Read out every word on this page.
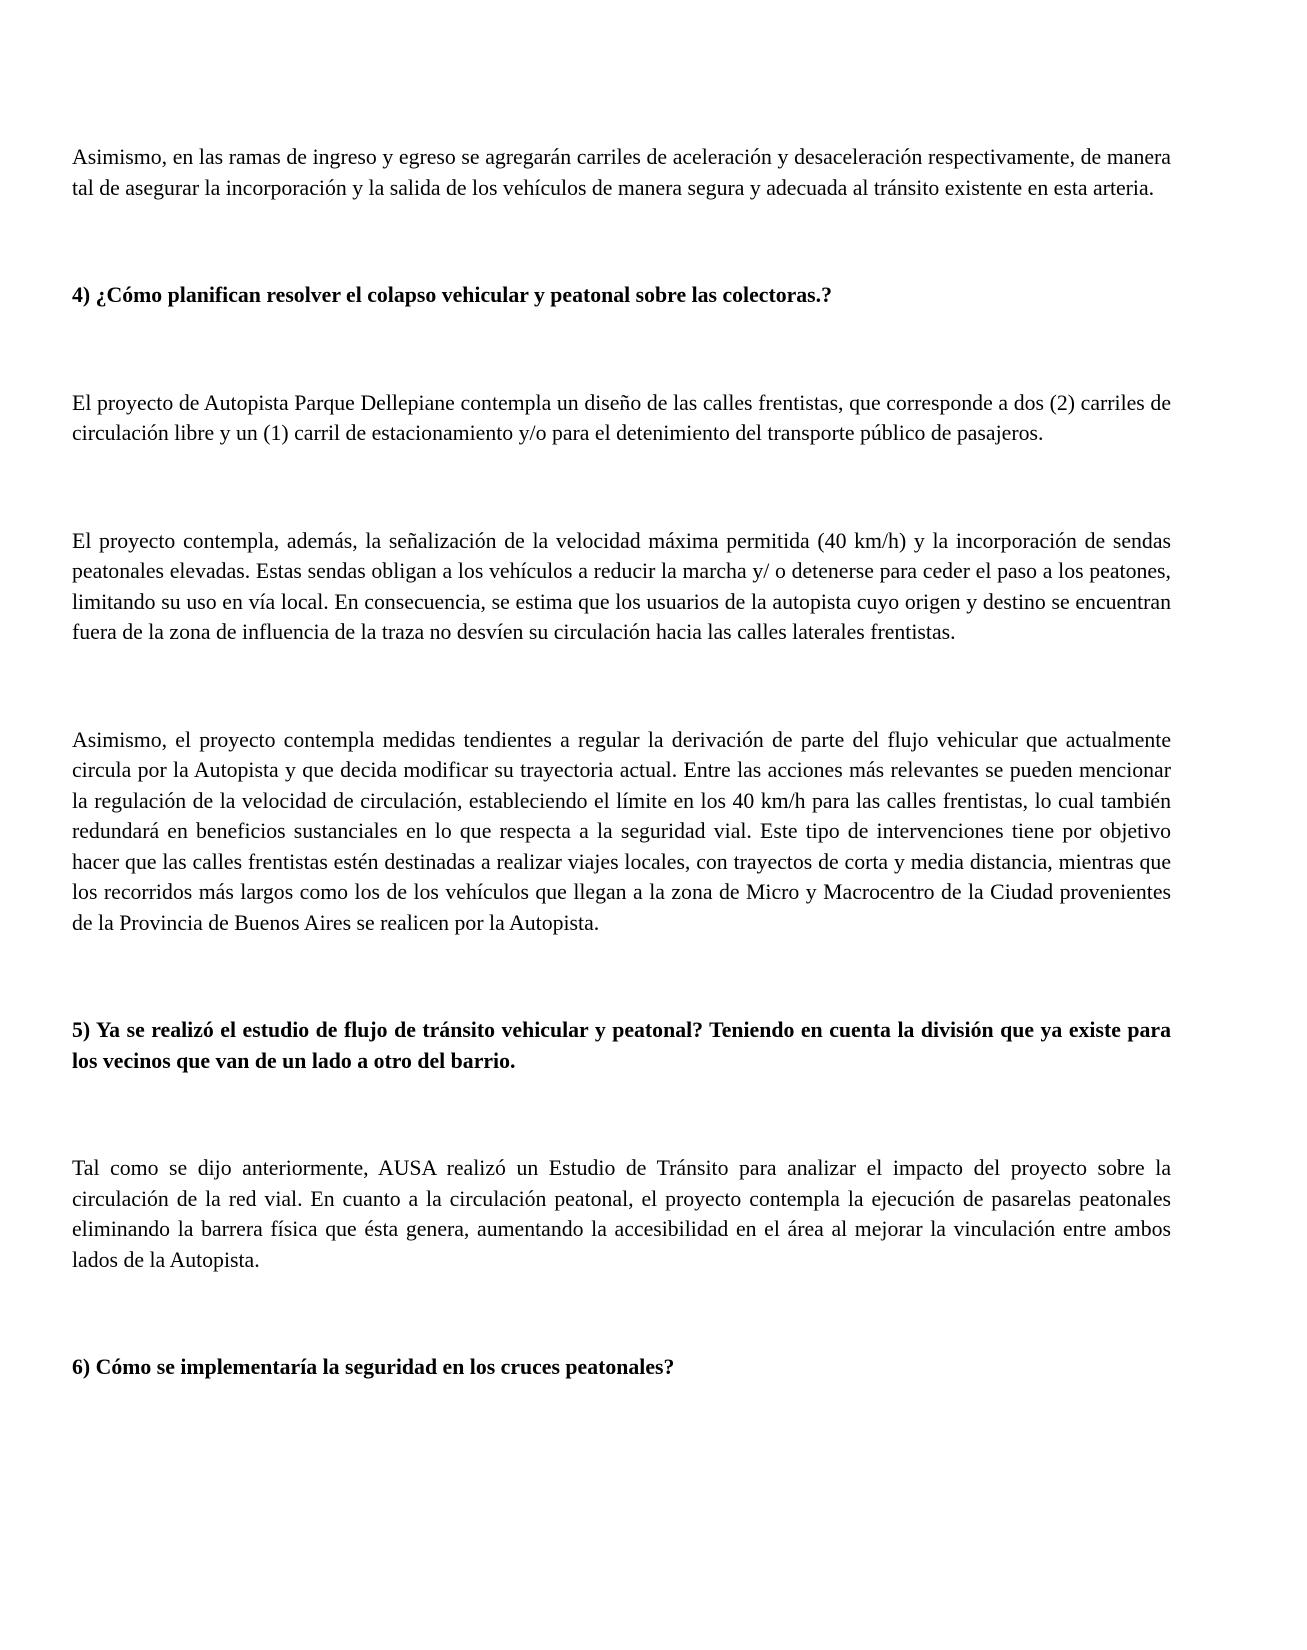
Asimismo, en las ramas de ingreso y egreso se agregarán carriles de aceleración y desaceleración respectivamente, de manera tal de asegurar la incorporación y la salida de los vehículos de manera segura y adecuada al tránsito existente en esta arteria.
4) ¿Cómo planifican resolver el colapso vehicular y peatonal sobre las colectoras.?
El proyecto de Autopista Parque Dellepiane contempla un diseño de las calles frentistas, que corresponde a dos (2) carriles de circulación libre y un (1) carril de estacionamiento y/o para el detenimiento del transporte público de pasajeros.
El proyecto contempla, además, la señalización de la velocidad máxima permitida (40 km/h) y la incorporación de sendas peatonales elevadas. Estas sendas obligan a los vehículos a reducir la marcha y/ o detenerse para ceder el paso a los peatones, limitando su uso en vía local. En consecuencia, se estima que los usuarios de la autopista cuyo origen y destino se encuentran fuera de la zona de influencia de la traza no desvíen su circulación hacia las calles laterales frentistas.
Asimismo, el proyecto contempla medidas tendientes a regular la derivación de parte del flujo vehicular que actualmente circula por la Autopista y que decida modificar su trayectoria actual. Entre las acciones más relevantes se pueden mencionar la regulación de la velocidad de circulación, estableciendo el límite en los 40 km/h para las calles frentistas, lo cual también redundará en beneficios sustanciales en lo que respecta a la seguridad vial. Este tipo de intervenciones tiene por objetivo hacer que las calles frentistas estén destinadas a realizar viajes locales, con trayectos de corta y media distancia, mientras que los recorridos más largos como los de los vehículos que llegan a la zona de Micro y Macrocentro de la Ciudad provenientes de la Provincia de Buenos Aires se realicen por la Autopista.
5) Ya se realizó el estudio de flujo de tránsito vehicular y peatonal? Teniendo en cuenta la división que ya existe para los vecinos que van de un lado a otro del barrio.
Tal como se dijo anteriormente, AUSA realizó un Estudio de Tránsito para analizar el impacto del proyecto sobre la circulación de la red vial. En cuanto a la circulación peatonal, el proyecto contempla la ejecución de pasarelas peatonales eliminando la barrera física que ésta genera, aumentando la accesibilidad en el área al mejorar la vinculación entre ambos lados de la Autopista.
6) Cómo se implementaría la seguridad en los cruces peatonales?
